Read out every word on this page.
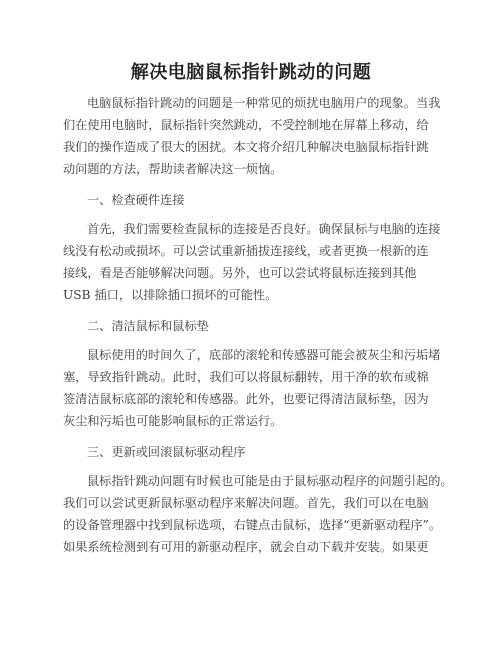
解决电脑鼠标指针跳动的问题
电脑鼠标指针跳动的问题是一种常见的烦扰电脑用户的现象。当我
们在使用电脑时，鼠标指针突然跳动，不受控制地在屏幕上移动，给
我们的操作造成了很大的困扰。本文将介绍几种解决电脑鼠标指针跳
动问题的方法，帮助读者解决这一烦恼。
一、检查硬件连接
首先，我们需要检查鼠标的连接是否良好。确保鼠标与电脑的连接
线没有松动或损坏。可以尝试重新插拔连接线，或者更换一根新的连
接线，看是否能够解决问题。另外，也可以尝试将鼠标连接到其他
USB 插口，以排除插口损坏的可能性。
二、清洁鼠标和鼠标垫
鼠标使用的时间久了，底部的滚轮和传感器可能会被灰尘和污垢堵
塞，导致指针跳动。此时，我们可以将鼠标翻转，用干净的软布或棉
签清洁鼠标底部的滚轮和传感器。此外，也要记得清洁鼠标垫，因为
灰尘和污垢也可能影响鼠标的正常运行。
三、更新或回滚鼠标驱动程序
鼠标指针跳动问题有时候也可能是由于鼠标驱动程序的问题引起的。
我们可以尝试更新鼠标驱动程序来解决问题。首先，我们可以在电脑
的设备管理器中找到鼠标选项，右键点击鼠标，选择“更新驱动程序”。
如果系统检测到有可用的新驱动程序，就会自动下载并安装。如果更
